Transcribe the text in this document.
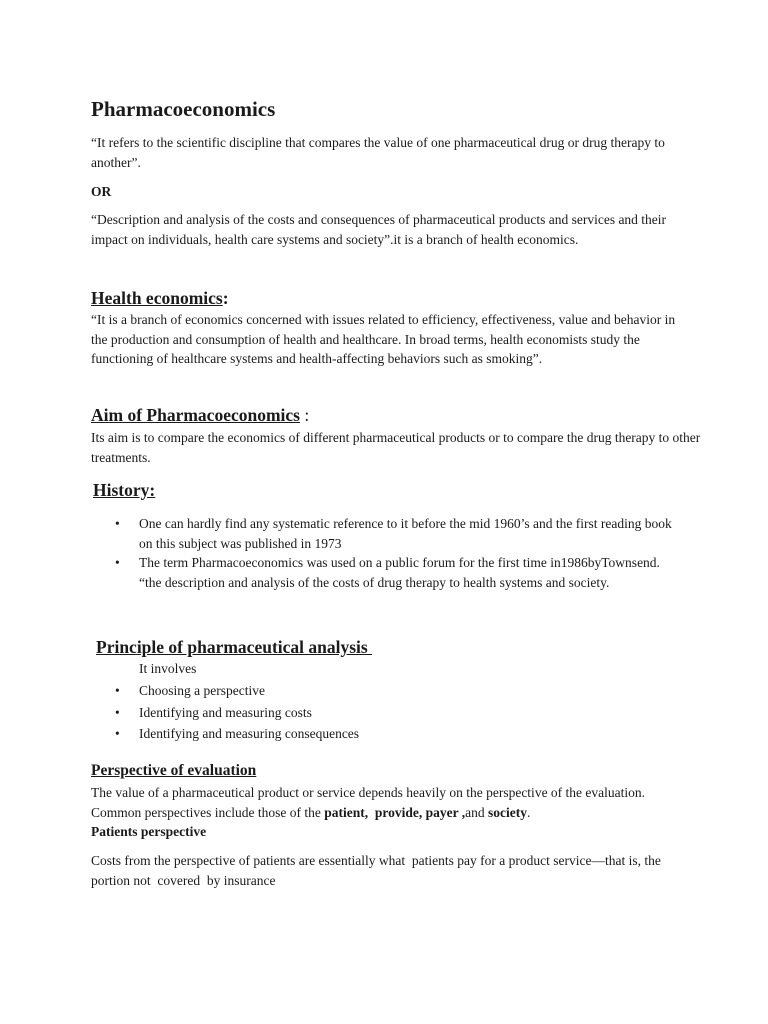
Pharmacoeconomics

“It refers to the scientific discipline that compares the value of one pharmaceutical drug or drug therapy to another”.

OR

“Description and analysis of the costs and consequences of pharmaceutical products and services and their impact on individuals, health care systems and society”.it is a branch of health economics.

Health economics:

“It is a branch of economics concerned with issues related to efficiency, effectiveness, value and behavior in the production and consumption of health and healthcare. In broad terms, health economists study the functioning of healthcare systems and health-affecting behaviors such as smoking”.

Aim of Pharmacoeconomics :

Its aim is to compare the economics of different pharmaceutical products or to compare the drug therapy to other treatments.

History:
• One can hardly find any systematic reference to it before the mid 1960’s and the first reading book on this subject was published in 1973
• The term Pharmacoeconomics was used on a public forum for the first time in1986byTownsend. “the description and analysis of the costs of drug therapy to health systems and society.
Principle of pharmaceutical analysis

It involves

• Choosing a perspective
• Identifying and measuring costs
• Identifying and measuring consequences
Perspective of evaluation

The value of a pharmaceutical product or service depends heavily on the perspective of the evaluation. Common perspectives include those of the patient,  provide, payer ,and society.

Patients perspective

Costs from the perspective of patients are essentially what  patients pay for a product service—that is, the  portion not  covered  by insurance
